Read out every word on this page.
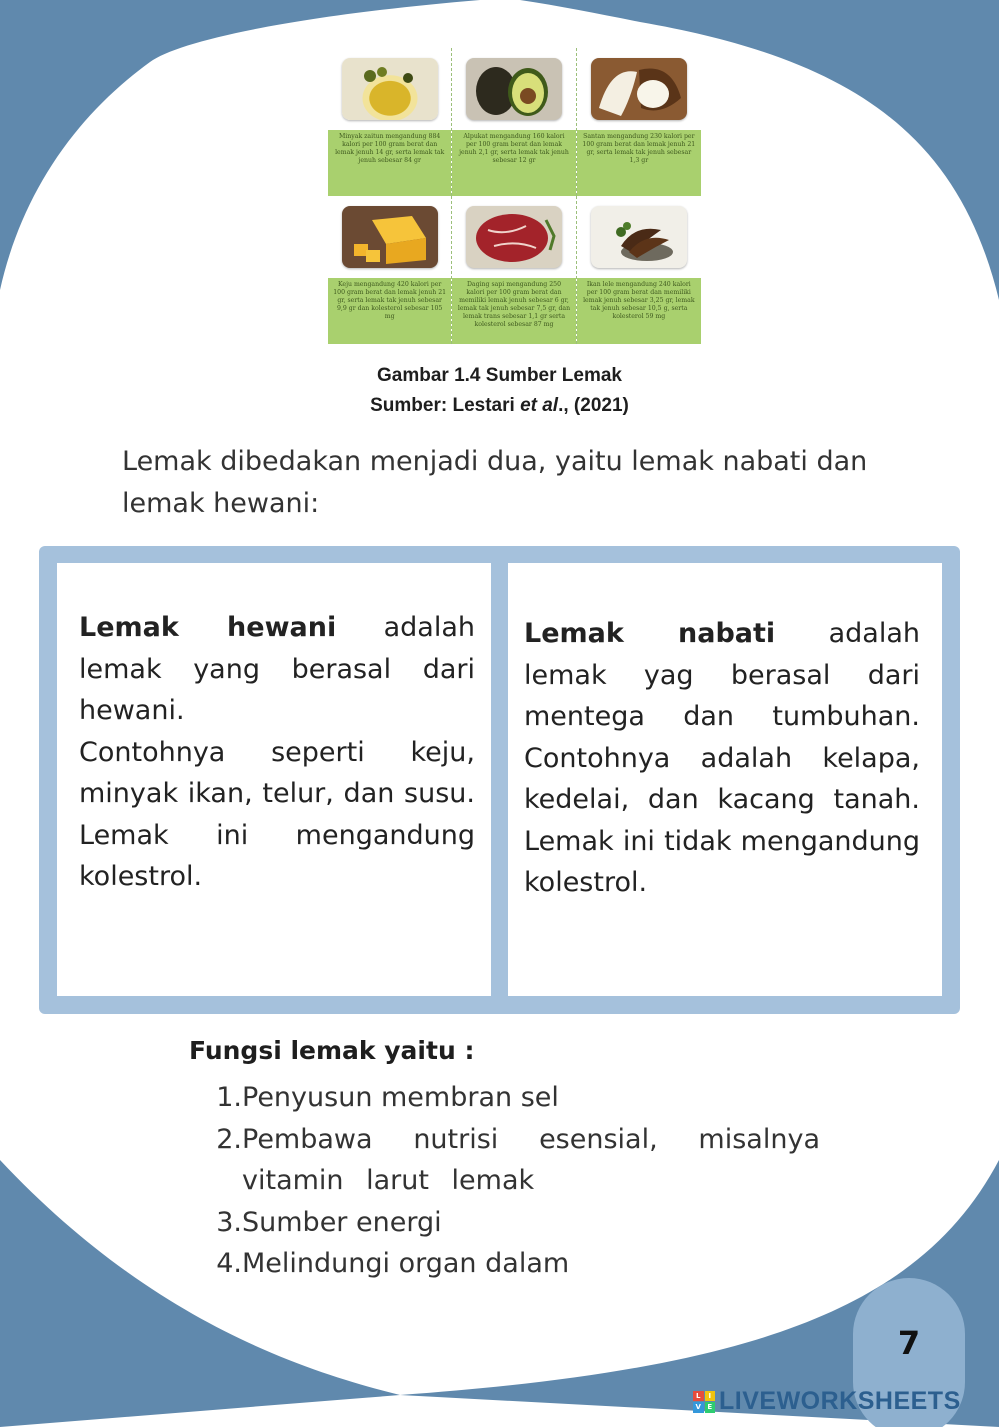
Minyak zaitun mengandung 884 kalori per 100 gram berat dan lemak jenuh 14 gr, serta lemak tak jenuh sebesar 84 gr
Alpukat mengandung 160 kalori per 100 gram berat dan lemak jenuh 2,1 gr, serta lemak tak jenuh sebesar 12 gr
Santan mengandung 230 kalori per 100 gram berat dan lemak jenuh 21 gr, serta lemak tak jenuh sebesar 1,3 gr
Keju mengandung 420 kalori per 100 gram berat dan lemak jenuh 21 gr, serta lemak tak jenuh sebesar 9,9 gr dan kolesterol sebesar 105 mg
Daging sapi mengandung 250 kalori per 100 gram berat dan memiliki lemak jenuh sebesar 6 gr, lemak tak jenuh sebesar 7,5 gr, dan lemak trans sebesar 1,1 gr serta kolesterol sebesar 87 mg
Ikan lele mengandung 240 kalori per 100 gram berat dan memiliki lemak jenuh sebesar 3,25 gr, lemak tak jenuh sebesar 10,5 g, serta kolesterol 59 mg
Gambar 1.4 Sumber Lemak
Sumber: Lestari et al., (2021)
Lemak dibedakan menjadi dua, yaitu lemak nabati dan lemak hewani:
Lemak hewani adalah lemak yang berasal dari hewani.
Contohnya seperti keju, minyak ikan, telur, dan susu. Lemak ini mengandung kolestrol.
Lemak nabati adalah lemak yag berasal dari mentega dan tumbuhan. Contohnya adalah kelapa, kedelai, dan kacang tanah. Lemak ini tidak mengandung kolestrol.
Fungsi lemak yaitu :
1. Penyusun membran sel
2. Pembawa nutrisi esensial, misalnya vitamin larut lemak
3. Sumber energi
4. Melindungi organ dalam
7
L	I
V E LIVEWORKSHEETS
